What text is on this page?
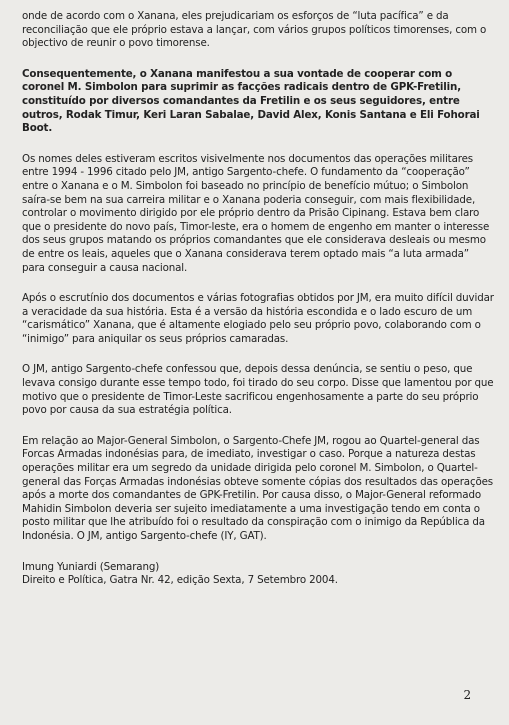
onde de acordo com o Xanana, eles prejudicariam os esforços de “luta pacífica” e da reconciliação que ele próprio estava a lançar, com vários grupos políticos timorenses, com o objectivo de reunir o povo timorense.

Consequentemente, o Xanana manifestou a sua vontade de cooperar com o coronel M. Simbolon para suprimir as facções radicais dentro de GPK-Fretilin, constituído por diversos comandantes da Fretilin e os seus seguidores, entre outros, Rodak Timur, Keri Laran Sabalae, David Alex, Konis Santana e Eli Fohorai Boot.

Os nomes deles estiveram escritos visivelmente nos documentos das operações militares entre 1994 - 1996 citado pelo JM, antigo Sargento-chefe. O fundamento da “cooperação” entre o Xanana e o M. Simbolon foi baseado no princípio de benefício mútuo; o Simbolon saíra-se bem na sua carreira militar e o Xanana poderia conseguir, com mais flexibilidade, controlar o movimento dirigido por ele próprio dentro da Prisão Cipinang. Estava bem claro que o presidente do novo país, Timor-leste, era o homem de engenho em manter o interesse dos seus grupos matando os próprios comandantes que ele considerava desleais ou mesmo de entre os leais, aqueles que o Xanana considerava terem optado mais “a luta armada” para conseguir a causa nacional.

Após o escrutínio dos documentos e várias fotografias obtidos por JM, era muito difícil duvidar a veracidade da sua história. Esta é a versão da história escondida e o lado escuro de um “carismático” Xanana, que é altamente elogiado pelo seu próprio povo, colaborando com o “inimigo” para aniquilar os seus próprios camaradas.

O JM, antigo Sargento-chefe confessou que, depois dessa denúncia, se sentiu o peso, que levava consigo durante esse tempo todo, foi tirado do seu corpo. Disse que lamentou por que motivo que o presidente de Timor-Leste sacrificou engenhosamente a parte do seu próprio povo por causa da sua estratégia política.

Em relação ao Major-General Simbolon, o Sargento-Chefe JM, rogou ao Quartel-general das Forcas Armadas indonésias para, de imediato, investigar o caso. Porque a natureza destas operações militar era um segredo da unidade dirigida pelo coronel M. Simbolon, o Quartel-general das Forças Armadas indonésias obteve somente cópias dos resultados das operações após a morte dos comandantes de GPK-Fretilin. Por causa disso, o Major-General reformado Mahidin Simbolon deveria ser sujeito imediatamente a uma investigação tendo em conta o posto militar que lhe atribuído foi o resultado da conspiração com o inimigo da República da Indonésia. O JM, antigo Sargento-chefe (IY, GAT).

Imung Yuniardi (Semarang)

Direito e Política, Gatra Nr. 42, edição Sexta, 7 Setembro 2004.

2
